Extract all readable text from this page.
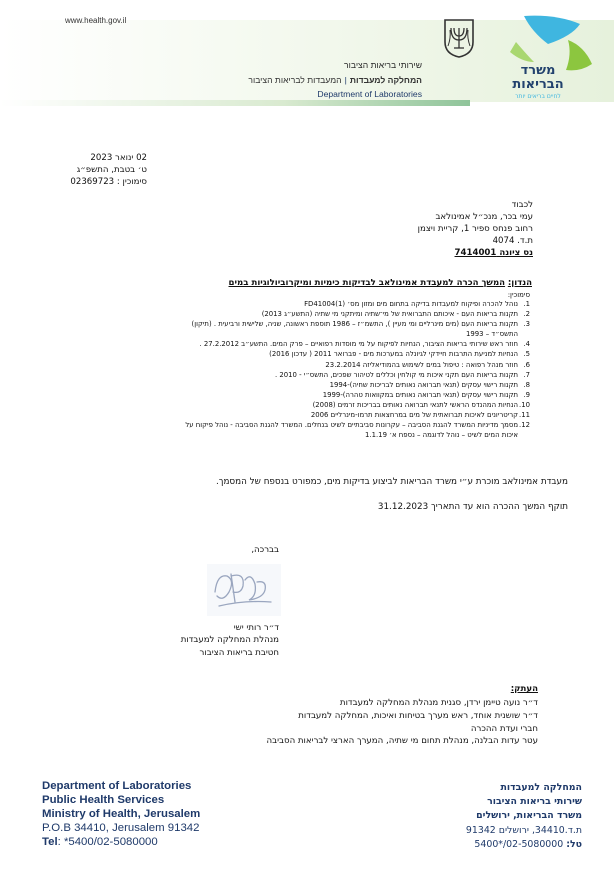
www.health.gov.il
משרד
הבריאות
לחיים בריאים יותר
שירותי בריאות הציבור
המחלקה למעבדות|המעבדות לבריאות הציבור
Department of Laboratories
02 ינואר 2023
ט׳ בטבת, התשפ״ג
סימוכין : 02369723
לכבוד
עמי בכר, מנכ״ל אמינולאב
רחוב פנחס ספיר 1, קריית ויצמן
ת.ד. 4074
נס ציונה 7414001
הנדון: המשך הכרה למעבדת אמינולאב לבדיקות כימיות ומיקרוביולוגיות במים
סימוכין:
1.
נוהל להכרה ופיקוח למעבדות בדיקה בתחום מים ומזון מס׳ (1)FD41004
2.
תקנות בריאות העם - איכותם התברואית של מי־שתיה ומיתקני מי שתיה (התשע״ג 2013)
3.
תקנות בריאות העם (מים מינרליים ומי מעיין ), התשמ״ז – 1986 תוספת ראשונה, שניה, שלישית ורביעית . (תיקון)
התשס״ד – 1993
4.
חוזר ראש שירותי בריאות הציבור, הנחיות לפיקוח על מי מוסדות רפואיים – פרק המים. התשע״ב 27.2.2012 .
5.
הנחיות למניעת התרבות חיידקי לגיונלה במערכות מים - פברואר 2011 ( עדכון 2016)
6.
חוזר מנהל רפואה : טיפול במים לשימוש בהמודיאליזה 23.2.2014
7.
תקנות בריאות העם תקני איכות מי קולחין וכללים לטיהור שפכים, התשס״י - 2010 .
8.
תקנות רישוי עסקים (תנאי תברואה נאותים לבריכות שחיה)-1994
9.
תקנות רישוי עסקים (תנאי תברואה נאותים במקוואות טהרה)-1999
10.
הנחיות המהנדס הראשי לתנאי תברואה נאותים בבריכות זרמים (2008)
11.
קריטריונים לאיכות תברואתית של מים במרחצאות תרמו-מינרליים 2006
12.
מסמך מדיניות המשרד להגנת הסביבה – עקרונות סביבתיים לשיט בנחלים. המשרד להגנת הסביבה - נוהל פיקוח על
איכות המים לשיט – נוהל לדוגמה – נספח א׳ 1.1.19
מעבדת אמינולאב מוכרת ע״י משרד הבריאות לביצוע בדיקות מים, כמפורט בנספח של המסמך.
תוקף המשך ההכרה הוא עד התאריך 31.12.2023
בברכה,
ד״ר רותי ישי
מנהלת המחלקה למעבדות
חטיבת בריאות הציבור
העתק:
ד״ר נועה טיימן ירדן, סגנית מנהלת המחלקה למעבדות
ד״ר שושנית אוחד, ראש מערך בטיחות ואיכות, המחלקה למעבדות
חברי ועדת ההכרה
עטר עדות הבלנה, מנהלת תחום מי שתיה, המערך הארצי לבריאות הסביבה
Department of Laboratories
Public Health Services
Ministry of Health, Jerusalem
P.O.B 34410, Jerusalem 91342
Tel: *5400/02-5080000
המחלקה למעבדות
שירותי בריאות הציבור
משרד הבריאות, ירושלים
ת.ד.34410, ירושלים 91342
טל: 02-5080000/*5400
